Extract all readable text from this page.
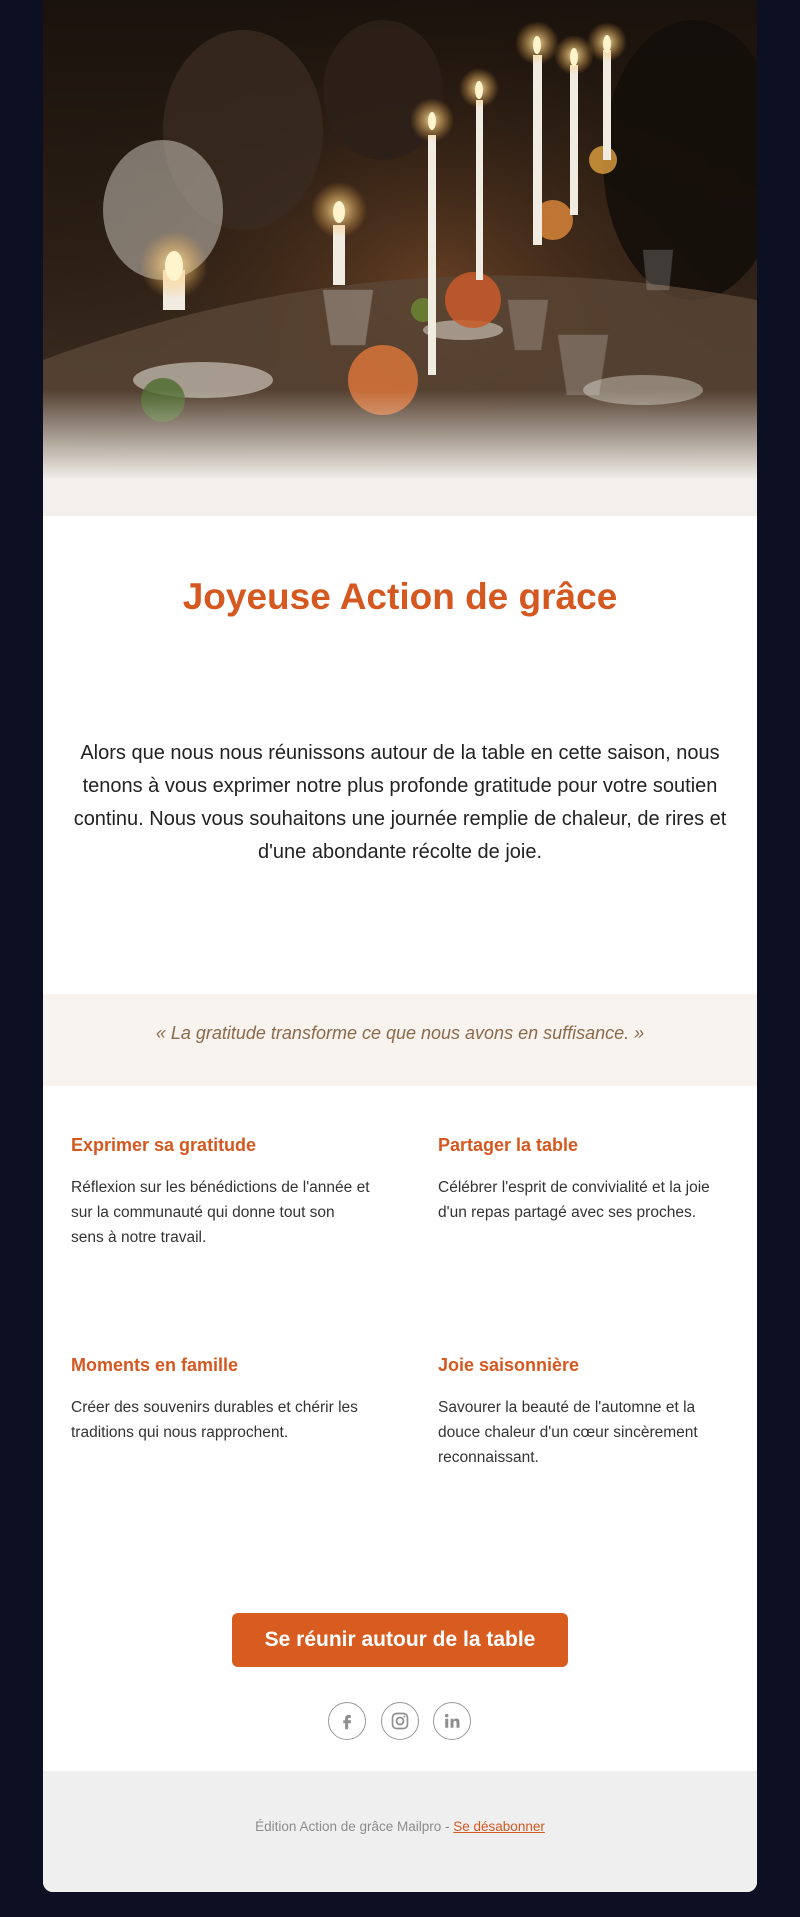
Joyeuse Action de grâce

Alors que nous nous réunissons autour de la table en cette saison, nous tenons à vous exprimer notre plus profonde gratitude pour votre soutien continu. Nous vous souhaitons une journée remplie de chaleur, de rires et d'une abondante récolte de joie.

« La gratitude transforme ce que nous avons en suffisance. »

Exprimer sa gratitude

Réflexion sur les bénédictions de l'année et sur la communauté qui donne tout son sens à notre travail.

Partager la table

Célébrer l'esprit de convivialité et la joie d'un repas partagé avec ses proches.

Moments en famille

Créer des souvenirs durables et chérir les traditions qui nous rapprochent.

Joie saisonnière

Savourer la beauté de l'automne et la douce chaleur d'un cœur sincèrement reconnaissant.

Se réunir autour de la table

Édition Action de grâce Mailpro - Se désabonner
